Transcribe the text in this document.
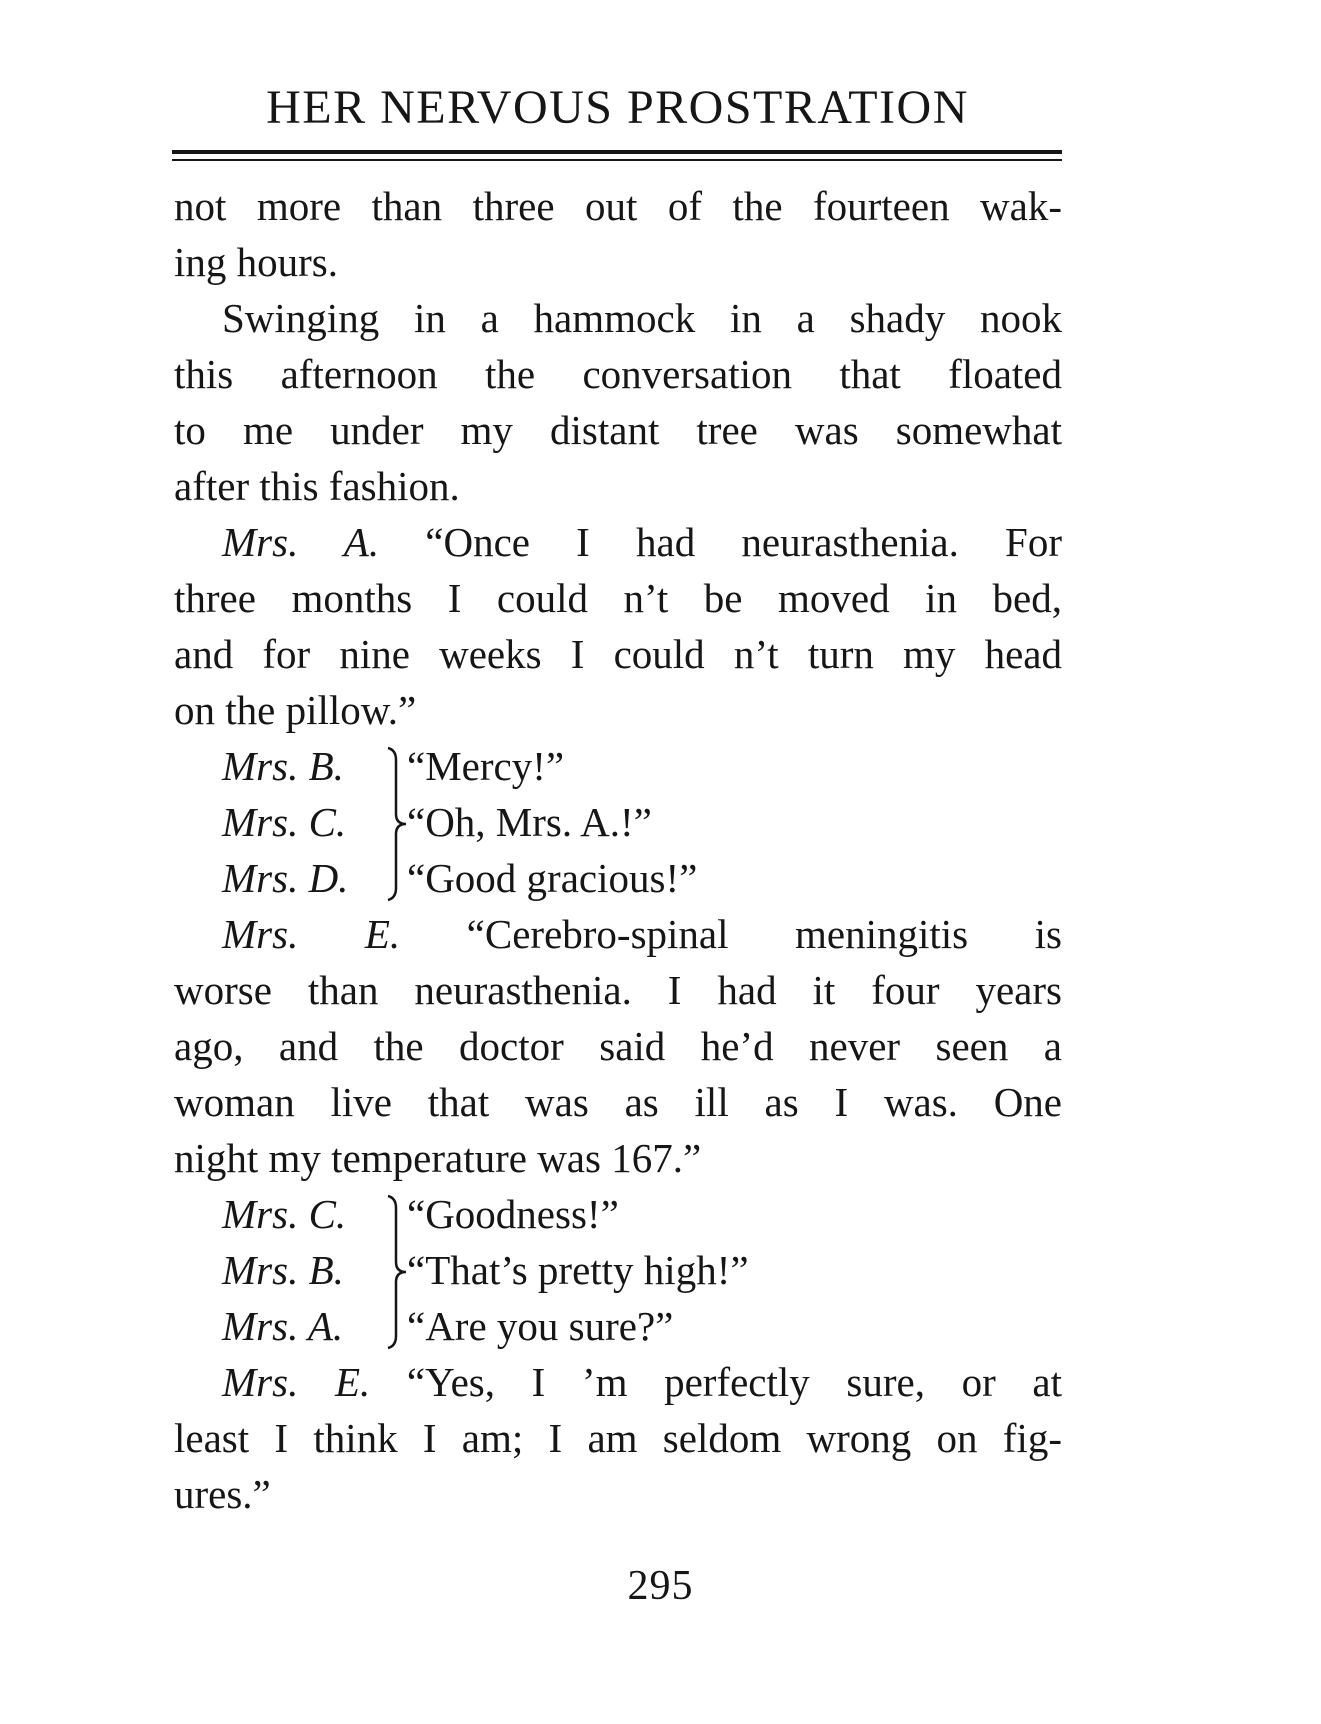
HER NERVOUS PROSTRATION
not more than three out of the fourteen wak-
ing hours.
Swinging in a hammock in a shady nook
this afternoon the conversation that floated
to me under my distant tree was somewhat
after this fashion.
Mrs. A. “Once I had neurasthenia. For
three months I could n’t be moved in bed,
and for nine weeks I could n’t turn my head
on the pillow.”
Mrs. B. “Mercy!”
Mrs. C. “Oh, Mrs. A.!”
Mrs. D. “Good gracious!”
Mrs. E. “Cerebro-spinal meningitis is
worse than neurasthenia. I had it four years
ago, and the doctor said he’d never seen a
woman live that was as ill as I was. One
night my temperature was 167.”
Mrs. C. “Goodness!”
Mrs. B. “That’s pretty high!”
Mrs. A. “Are you sure?”
Mrs. E. “Yes, I ’m perfectly sure, or at
least I think I am; I am seldom wrong on fig-
ures.”
295
